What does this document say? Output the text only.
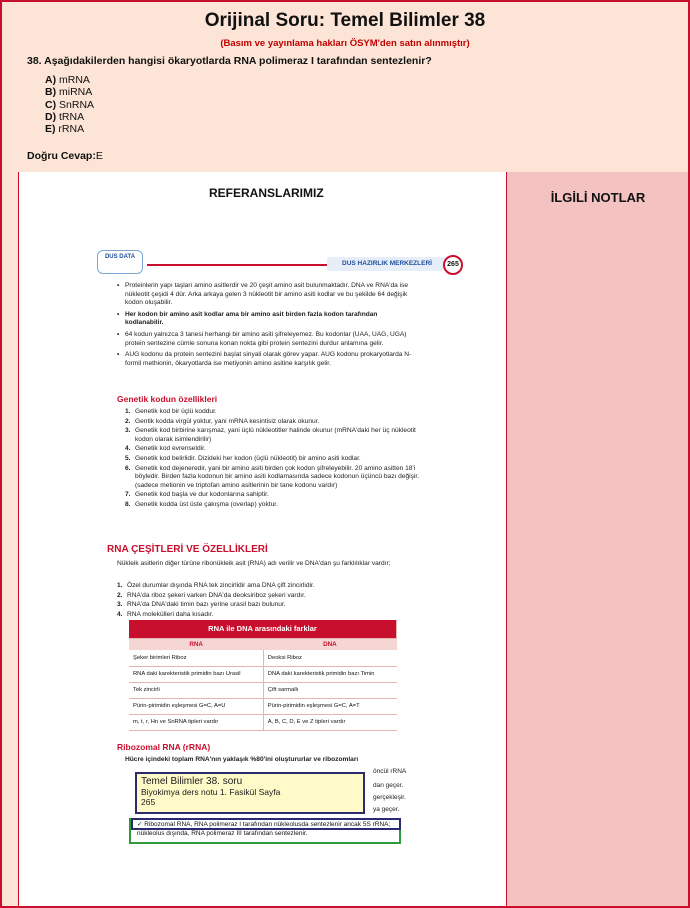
Orijinal Soru: Temel Bilimler 38
(Basım ve yayınlama hakları ÖSYM'den satın alınmıştır)
38. Aşağıdakilerden hangisi ökaryotlarda RNA polimeraz I tarafından sentezlenir?
A) mRNA
B) miRNA
C) SnRNA
D) tRNA
E) rRNA
Doğru Cevap:E
REFERANSLARIMIZ
DUS DATA
DUS HAZIRLIK MERKEZLERİ	265
• Proteinlerin yapı taşları amino asitlerdir ve 20 çeşit amino asit bulunmaktadır. DNA ve RNA'da ise nükleotit çeşidi 4 dür. Arka arkaya gelen 3 nükleotit bir amino asiti kodlar ve bu şekilde 64 değişik kodon oluşabilir.
• Her kodon bir amino asit kodlar ama bir amino asit birden fazla kodon tarafından kodlanabilir.
• 64 kodun yalnızca 3 tanesi herhangi bir amino asiti şifreleyemez. Bu kodonlar (UAA, UAG, UGA) protein sentezine cümle sonuna konan nokta gibi protein sentezini durdur anlamına gelir.
• AUG kodonu da protein sentezini başlat sinyali olarak görev yapar. AUG kodonu prokaryotlarda N-formil methionin, ökaryotlarda ise metiyonin amino asitine karşılık gelir.
Genetik kodun özellikleri
1. Genetik kod bir üçlü koddur.
2. Gentik kodda virgül yoktur, yani mRNA kesintisiz olarak okunur.
3. Genetik kod birbirine karışmaz, yani üçlü nükleotitler halinde okunur (mRNA'daki her üç nükleotit kodon olarak isimlendirilir)
4. Genetik kod evrenseldir.
5. Genetik kod belirlidir. Dizideki her kodon (üçlü nükleotit) bir amino asiti kodlar.
6. Genetik kod dejeneredir, yani bir amino asiti birden çok kodon şifreleyebilir. 20 amino asitten 18'i böyledir. Birden fazla kodonun bir amino asiti kodlamasında sadece kodonun üçüncü bazı değişir. (sadece metionin ve triptofan amino asitlerinin bir tane kodonu vardır)
7. Genetik kod başla ve dur kodonlarına sahiptir.
8. Genetik kodda üst üste çakışma (overlap) yoktur.
RNA ÇEŞİTLERİ VE ÖZELLİKLERİ
Nükleik asitlerin diğer türüne ribonükleik asit (RNA) adı verilir ve DNA'dan şu farklılıklar vardır;
1. Özel durumlar dışında RNA tek zincirlidir ama DNA çift zincirlidir.
2. RNA'da riboz şekeri varken DNA'da deoksiriboz şekeri vardır.
3. RNA'da DNA'daki timin bazı yerine urasil bazı bulunur.
4. RNA molekülleri daha kısadır.
RNA ile DNA arasındaki farklar	
RNA	DNA
Şeker birimleri Riboz	Deoksi Riboz
RNA daki karekteristik primidin bazı Urasil	DNA daki karekteristik primidin bazı Timin
Tek zincirli	Çift sarmallı
Pürin-pirimidin eşleşmesi G=C, A=U	Pürin-pirimidin eşleşmesi G=C, A=T
m, t, r, Hn ve SnRNA tipleri vardır	A, B, C, D, E ve Z tipleri vardır
Ribozomal RNA (rRNA)
Hücre içindeki toplam RNA'nın yaklaşık %80'ini oluştururlar ve ribozomları
öncül rRNA
dan geçer.
gerçekleşir.
ya geçer.
✓ Ribozomal RNA, RNA polimeraz I tarafından nükleolusda sentezlenir ancak 5S rRNA; nükleolus dışında, RNA polimeraz III tarafından sentezlenir.
Temel Bilimler 38. soru
Biyokimya ders notu 1. Fasikül Sayfa
265
İLGİLİ NOTLAR
